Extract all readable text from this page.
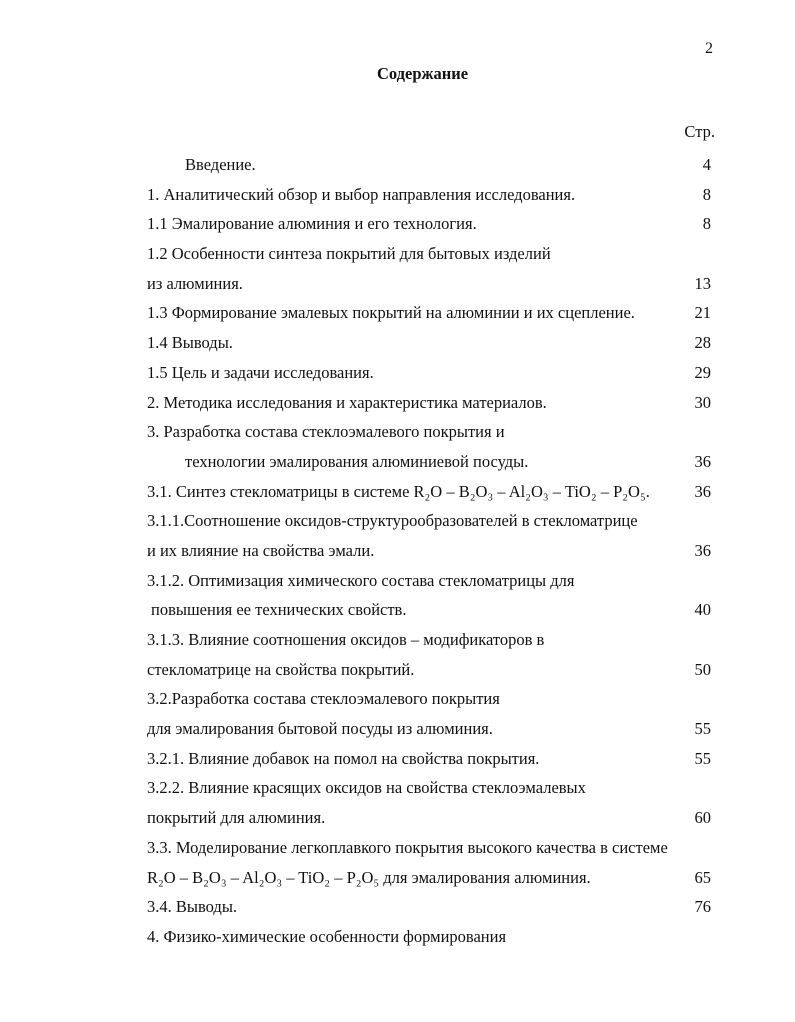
2
Содержание
Стр.
Введение.	4
1. Аналитический обзор и выбор направления исследования.	8
1.1 Эмалирование алюминия и его технология.	8
1.2 Особенности синтеза покрытий для бытовых изделий
из алюминия.	13
1.3 Формирование эмалевых покрытий на алюминии и их сцепление.	21
1.4 Выводы.	28
1.5 Цель и задачи исследования.	29
2. Методика исследования и характеристика материалов.	30
3. Разработка состава стеклоэмалевого покрытия и
технологии эмалирования алюминиевой посуды.	36
3.1. Синтез стекломатрицы в системе R₂O – B₂O₃ – Al₂O₃ – TiO₂ – P₂O₅.	36
3.1.1.Соотношение оксидов-структурообразователей в стекломатрице
и их влияние на свойства эмали.	36
3.1.2. Оптимизация химического состава стекломатрицы для
повышения ее технических свойств.	40
3.1.3. Влияние соотношения оксидов – модификаторов в
стекломатрице на свойства покрытий.	50
3.2.Разработка состава стеклоэмалевого покрытия
для эмалирования бытовой посуды из алюминия.	55
3.2.1. Влияние добавок на помол на свойства покрытия.	55
3.2.2. Влияние красящих оксидов на свойства стеклоэмалевых
покрытий для алюминия.	60
3.3. Моделирование легкоплавкого покрытия высокого качества в системе
R₂O – B₂O₃ – Al₂O₃ – TiO₂ – P₂O₅ для эмалирования алюминия.	65
3.4. Выводы.	76
4. Физико-химические особенности формирования
